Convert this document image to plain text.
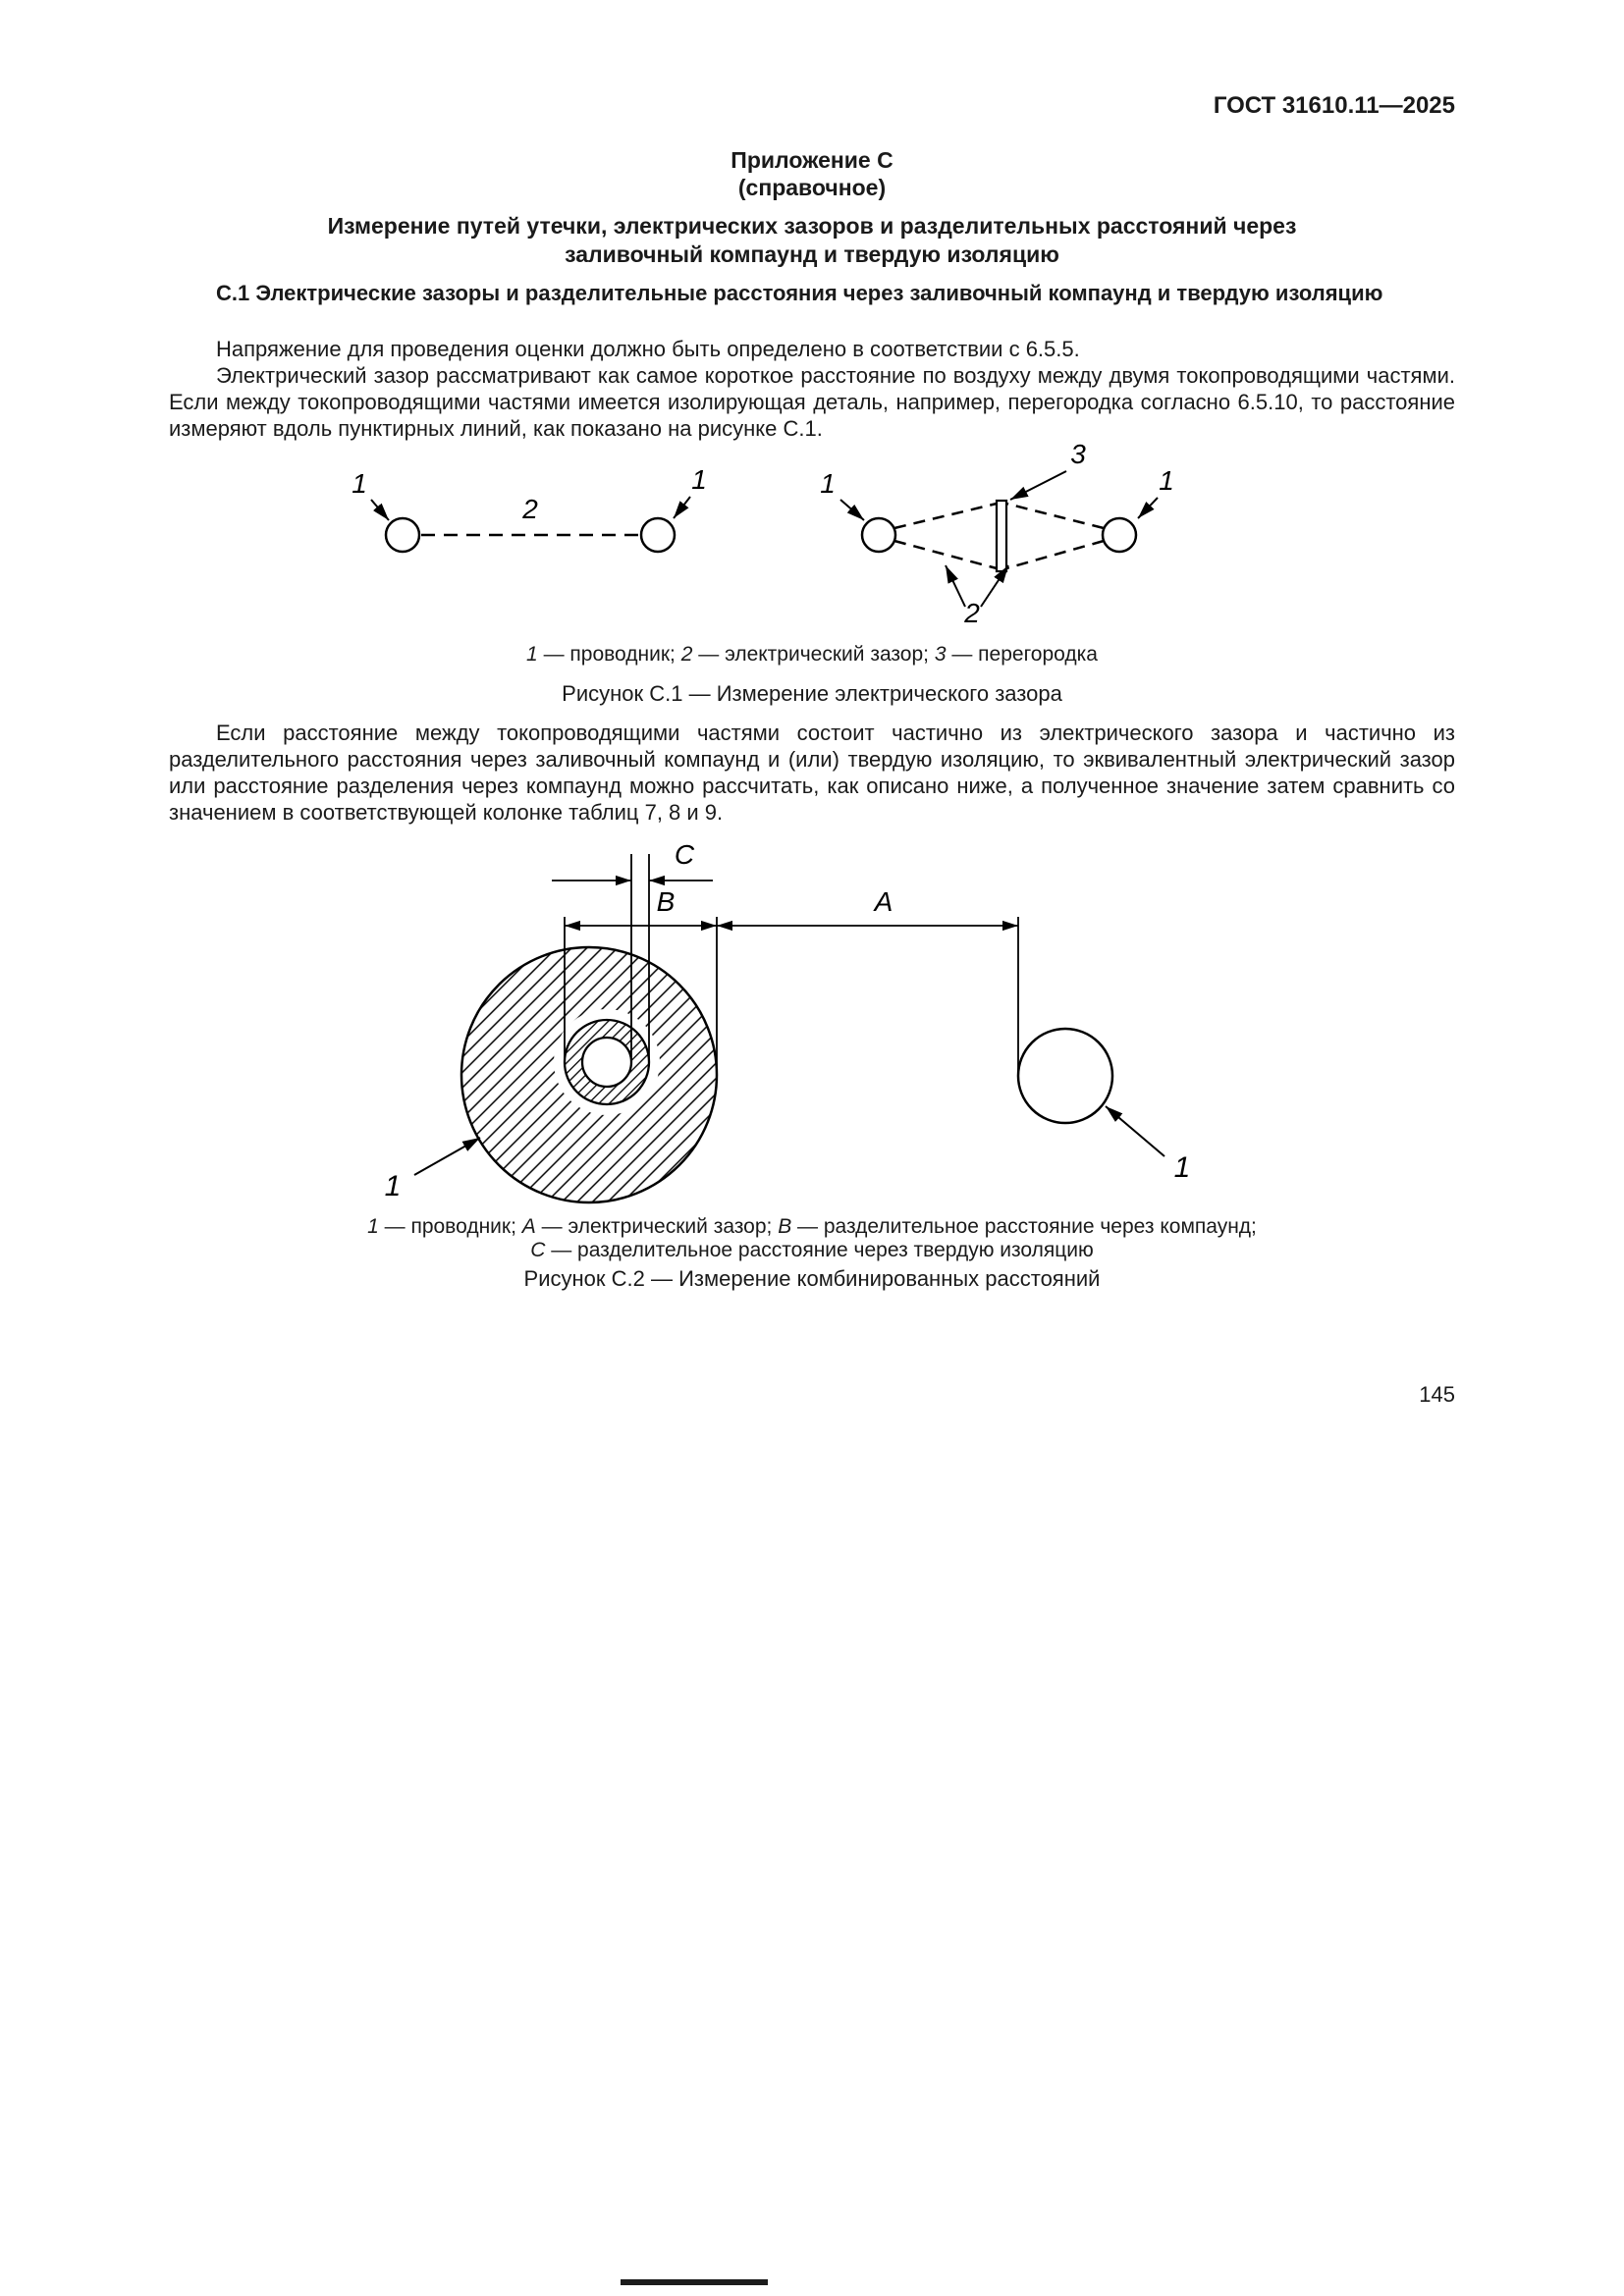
ГОСТ 31610.11—2025
Приложение С
(справочное)
Измерение путей утечки, электрических зазоров и разделительных расстояний через заливочный компаунд и твердую изоляцию
С.1 Электрические зазоры и разделительные расстояния через заливочный компаунд и твердую изоляцию
Напряжение для проведения оценки должно быть определено в соответствии с 6.5.5.
Электрический зазор рассматривают как самое короткое расстояние по воздуху между двумя токопроводящими частями. Если между токопроводящими частями имеется изолирующая деталь, например, перегородка согласно 6.5.10, то расстояние измеряют вдоль пунктирных линий, как показано на рисунке С.1.
2
1	1
3
1	1
2
1 — проводник; 2 — электрический зазор; 3 — перегородка
Рисунок С.1 — Измерение электрического зазора
Если расстояние между токопроводящими частями состоит частично из электрического зазора и частично из разделительного расстояния через заливочный компаунд и (или) твердую изоляцию, то эквивалентный электрический зазор или расстояние разделения через компаунд можно рассчитать, как описано ниже, а полученное значение затем сравнить со значением в соответствующей колонке таблиц 7, 8 и 9.
C
B	A
1
1
1 — проводник; А — электрический зазор; В — разделительное расстояние через компаунд;
С — разделительное расстояние через твердую изоляцию
Рисунок С.2 — Измерение комбинированных расстояний
145
